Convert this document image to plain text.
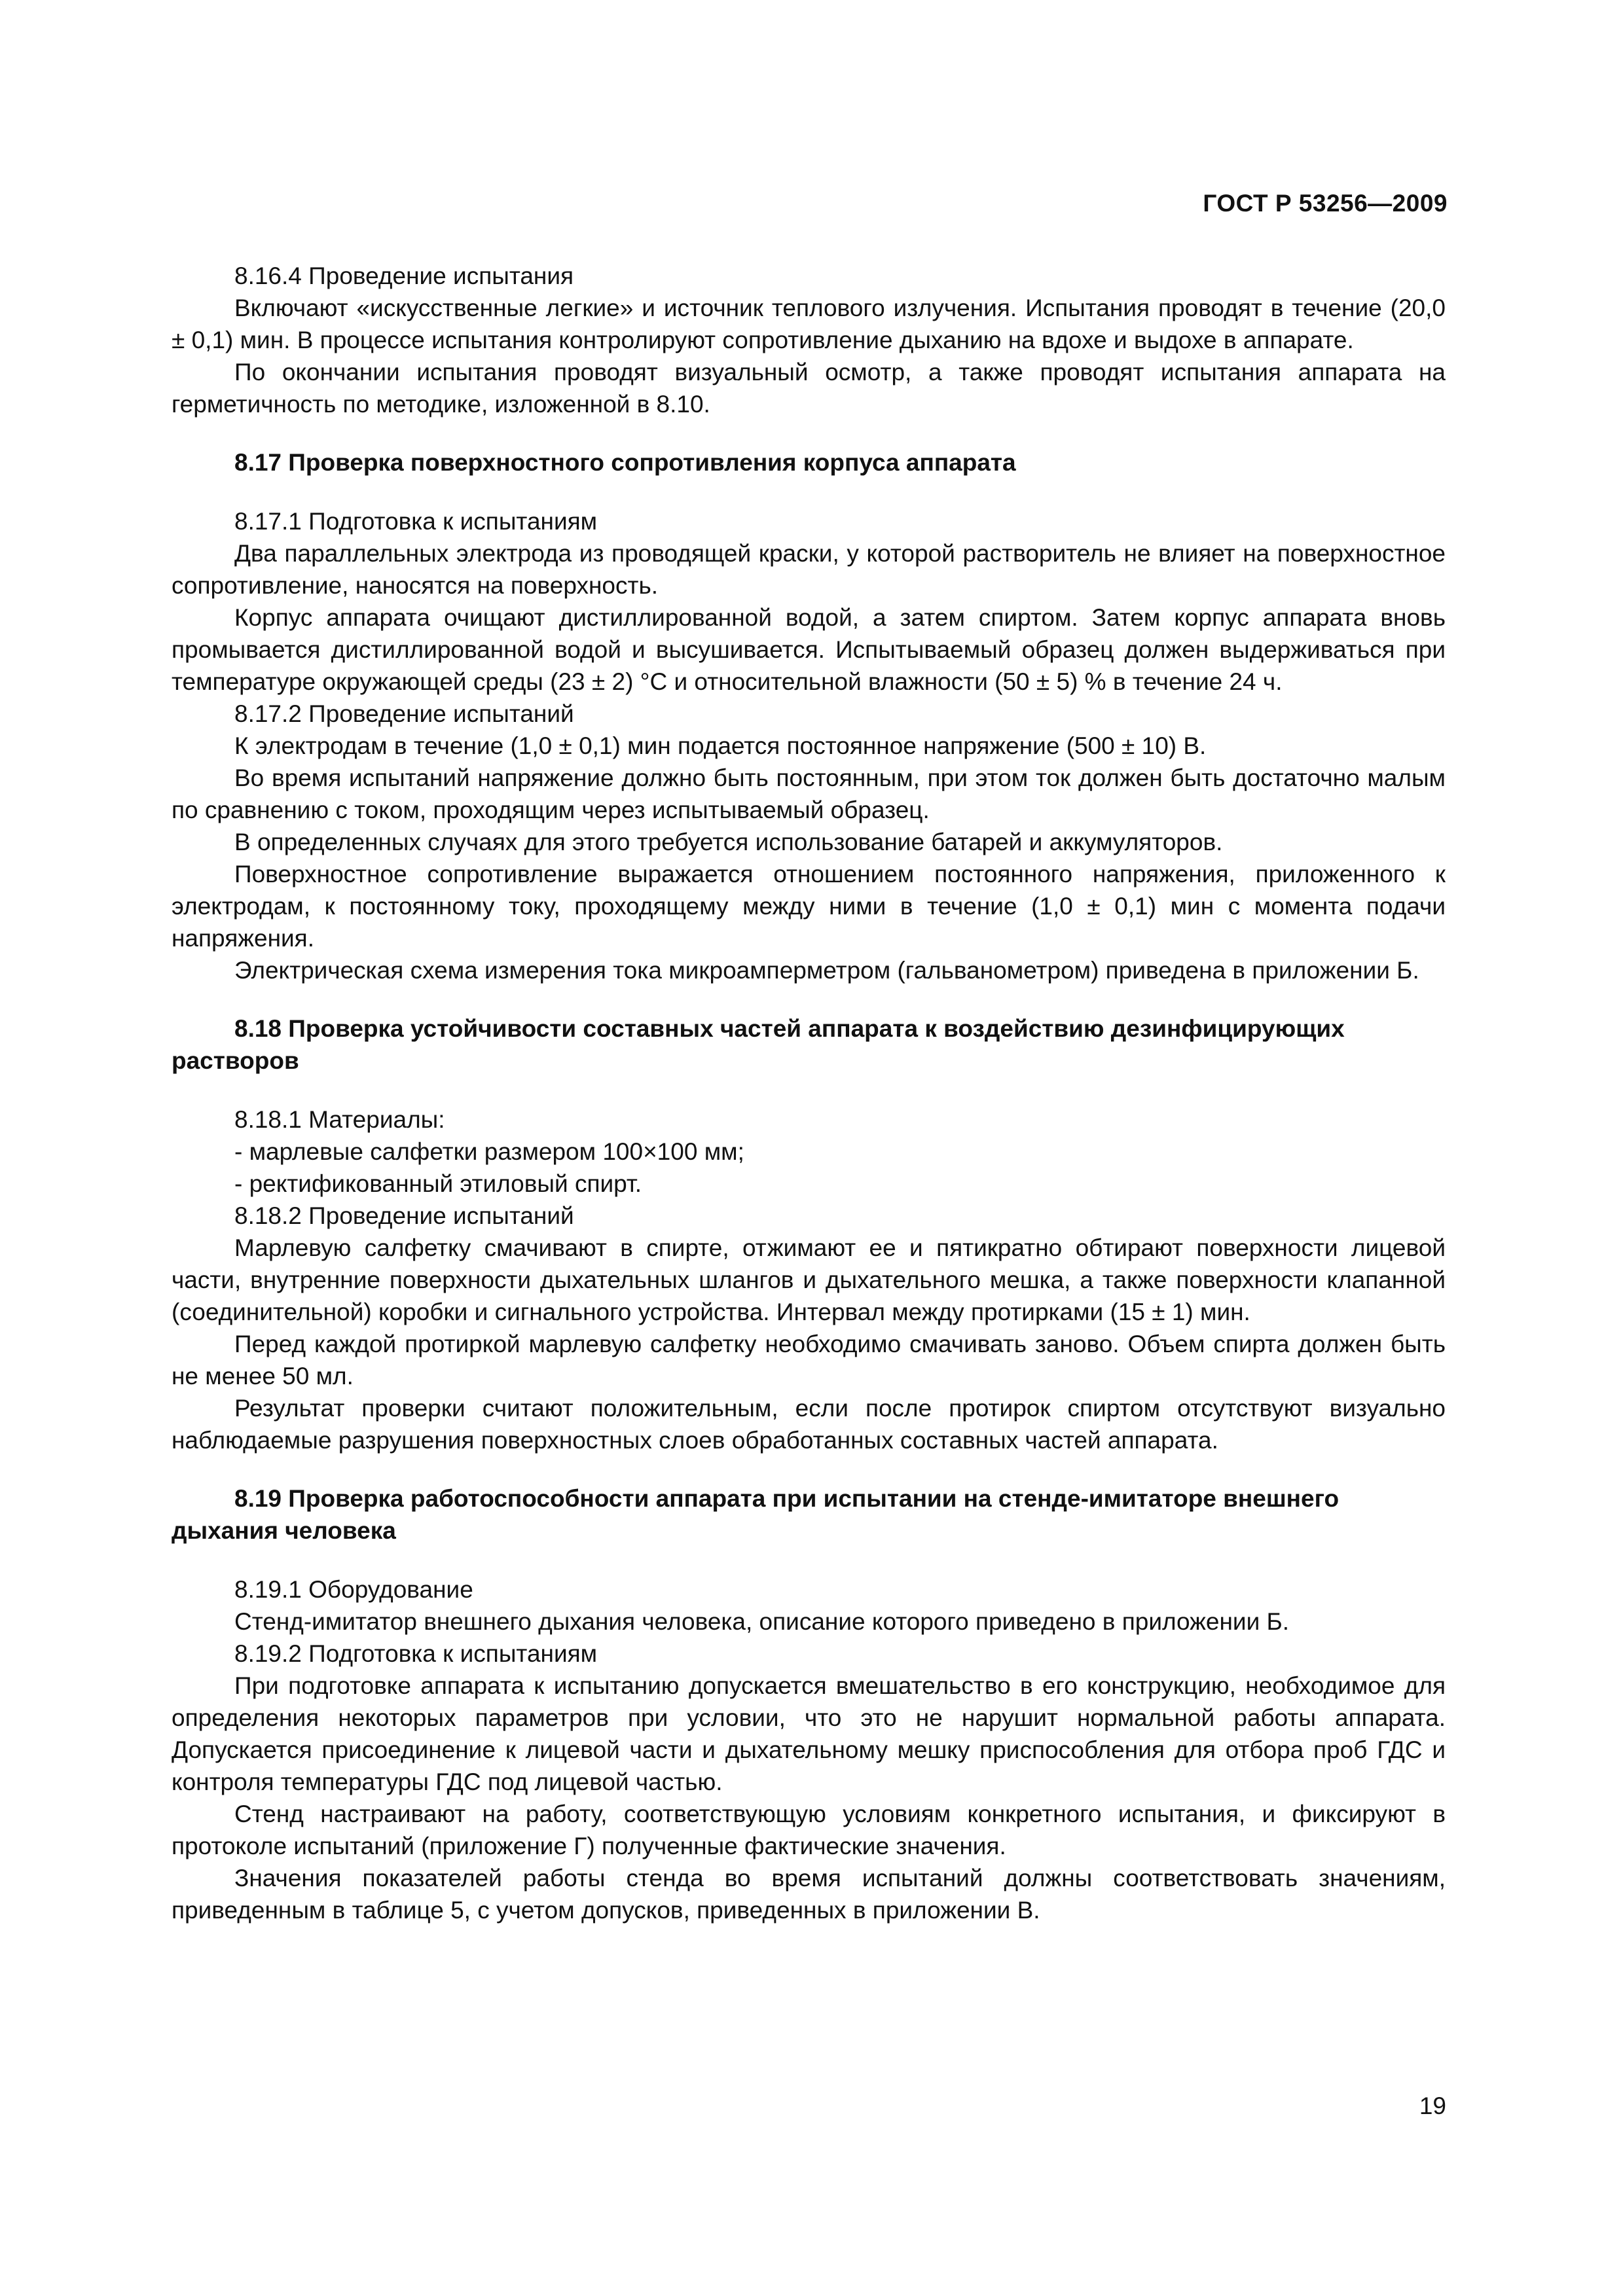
ГОСТ Р 53256—2009

8.16.4 Проведение испытания

Включают «искусственные легкие» и источник теплового излучения. Испытания проводят в течение (20,0 ± 0,1) мин. В процессе испытания контролируют сопротивление дыханию на вдохе и выдохе в аппарате.

По окончании испытания проводят визуальный осмотр, а также проводят испытания аппарата на герметичность по методике, изложенной в 8.10.

8.17 Проверка поверхностного сопротивления корпуса аппарата

8.17.1 Подготовка к испытаниям

Два параллельных электрода из проводящей краски, у которой растворитель не влияет на поверхностное сопротивление, наносятся на поверхность.

Корпус аппарата очищают дистиллированной водой, а затем спиртом. Затем корпус аппарата вновь промывается дистиллированной водой и высушивается. Испытываемый образец должен выдерживаться при температуре окружающей среды (23 ± 2) °С и относительной влажности (50 ± 5) % в течение 24 ч.

8.17.2 Проведение испытаний

К электродам в течение (1,0 ± 0,1) мин подается постоянное напряжение (500 ± 10) В.

Во время испытаний напряжение должно быть постоянным, при этом ток должен быть достаточно малым по сравнению с током, проходящим через испытываемый образец.

В определенных случаях для этого требуется использование батарей и аккумуляторов.

Поверхностное сопротивление выражается отношением постоянного напряжения, приложенного к электродам, к постоянному току, проходящему между ними в течение (1,0 ± 0,1) мин с момента подачи напряжения.

Электрическая схема измерения тока микроамперметром (гальванометром) приведена в приложении Б.

8.18 Проверка устойчивости составных частей аппарата к воздействию дезинфицирующих растворов

8.18.1 Материалы:

- марлевые салфетки размером 100×100 мм;

- ректификованный этиловый спирт.

8.18.2 Проведение испытаний

Марлевую салфетку смачивают в спирте, отжимают ее и пятикратно обтирают поверхности лицевой части, внутренние поверхности дыхательных шлангов и дыхательного мешка, а также поверхности клапанной (соединительной) коробки и сигнального устройства. Интервал между протирками (15 ± 1) мин.

Перед каждой протиркой марлевую салфетку необходимо смачивать заново. Объем спирта должен быть не менее 50 мл.

Результат проверки считают положительным, если после протирок спиртом отсутствуют визуально наблюдаемые разрушения поверхностных слоев обработанных составных частей аппарата.

8.19 Проверка работоспособности аппарата при испытании на стенде-имитаторе внешнего дыхания человека

8.19.1 Оборудование

Стенд-имитатор внешнего дыхания человека, описание которого приведено в приложении Б.

8.19.2 Подготовка к испытаниям

При подготовке аппарата к испытанию допускается вмешательство в его конструкцию, необходимое для определения некоторых параметров при условии, что это не нарушит нормальной работы аппарата. Допускается присоединение к лицевой части и дыхательному мешку приспособления для отбора проб ГДС и контроля температуры ГДС под лицевой частью.

Стенд настраивают на работу, соответствующую условиям конкретного испытания, и фиксируют в протоколе испытаний (приложение Г) полученные фактические значения.

Значения показателей работы стенда во время испытаний должны соответствовать значениям, приведенным в таблице 5, с учетом допусков, приведенных в приложении В.

19
